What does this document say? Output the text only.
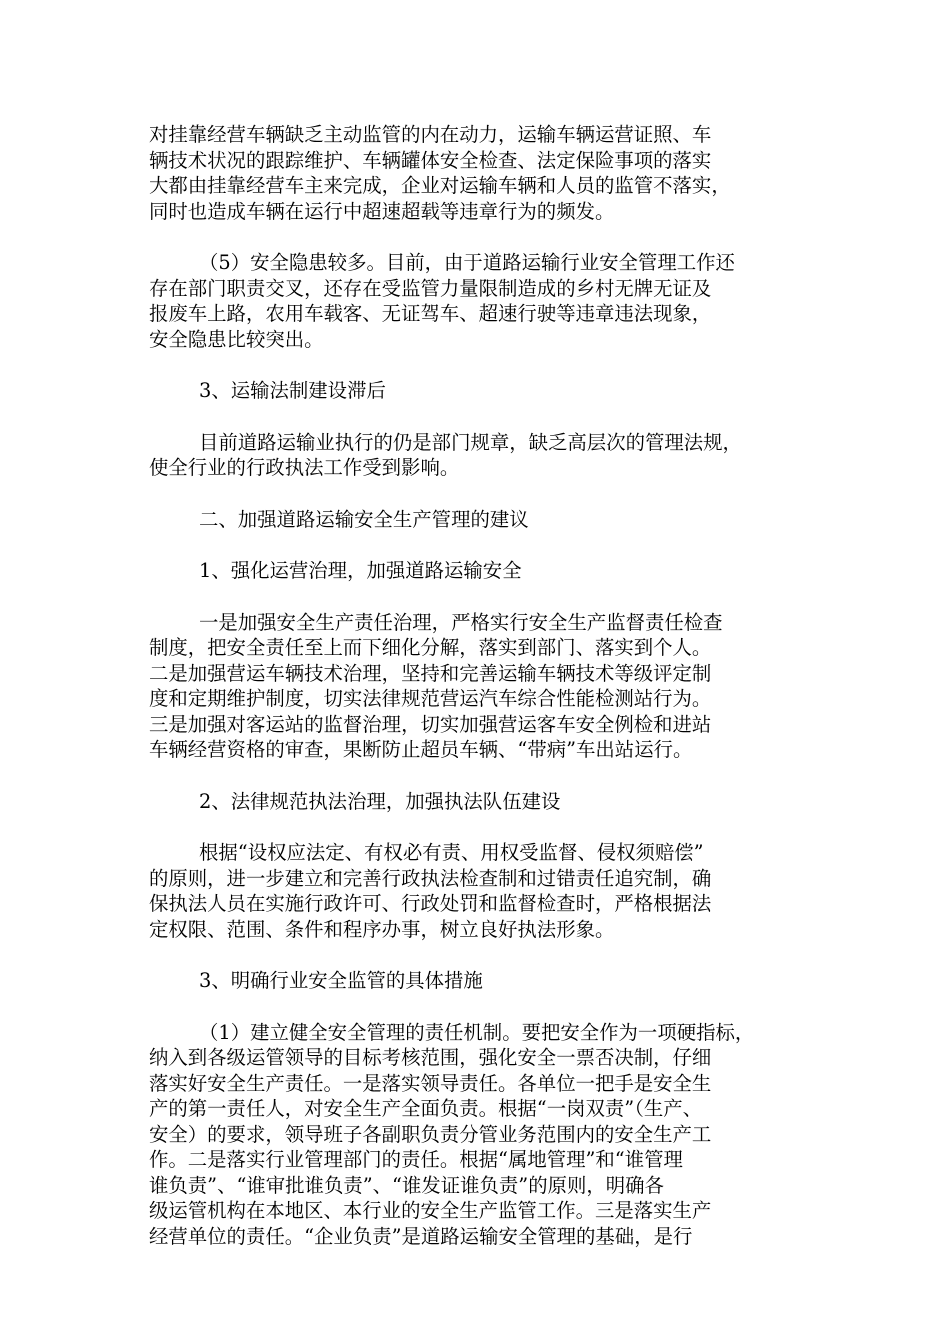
对挂靠经营车辆缺乏主动监管的内在动力，运输车辆运营证照、车
辆技术状况的跟踪维护、车辆罐体安全检查、法定保险事项的落实
大都由挂靠经营车主来完成，企业对运输车辆和人员的监管不落实，
同时也造成车辆在运行中超速超载等违章行为的频发。
（5）安全隐患较多。目前，由于道路运输行业安全管理工作还
存在部门职责交叉，还存在受监管力量限制造成的乡村无牌无证及
报废车上路，农用车载客、无证驾车、超速行驶等违章违法现象，
安全隐患比较突出。
3、运输法制建设滞后
目前道路运输业执行的仍是部门规章，缺乏高层次的管理法规，
使全行业的行政执法工作受到影响。
二、加强道路运输安全生产管理的建议
1、强化运营治理，加强道路运输安全
一是加强安全生产责任治理，严格实行安全生产监督责任检查
制度，把安全责任至上而下细化分解，落实到部门、落实到个人。
二是加强营运车辆技术治理，坚持和完善运输车辆技术等级评定制
度和定期维护制度，切实法律规范营运汽车综合性能检测站行为。
三是加强对客运站的监督治理，切实加强营运客车安全例检和进站
车辆经营资格的审查，果断防止超员车辆、“带病”车出站运行。
2、法律规范执法治理，加强执法队伍建设
根据“设权应法定、有权必有责、用权受监督、侵权须赔偿”
的原则，进一步建立和完善行政执法检查制和过错责任追究制，确
保执法人员在实施行政许可、行政处罚和监督检查时，严格根据法
定权限、范围、条件和程序办事，树立良好执法形象。
3、明确行业安全监管的具体措施
（1）建立健全安全管理的责任机制。要把安全作为一项硬指标，
纳入到各级运管领导的目标考核范围，强化安全一票否决制，仔细
落实好安全生产责任。一是落实领导责任。各单位一把手是安全生
产的第一责任人，对安全生产全面负责。根据“一岗双责”（生产、
安全）的要求，领导班子各副职负责分管业务范围内的安全生产工
作。二是落实行业管理部门的责任。根据“属地管理”和“谁管理
谁负责”、“谁审批谁负责”、“谁发证谁负责”的原则，明确各
级运管机构在本地区、本行业的安全生产监管工作。三是落实生产
经营单位的责任。“企业负责”是道路运输安全管理的基础，是行
